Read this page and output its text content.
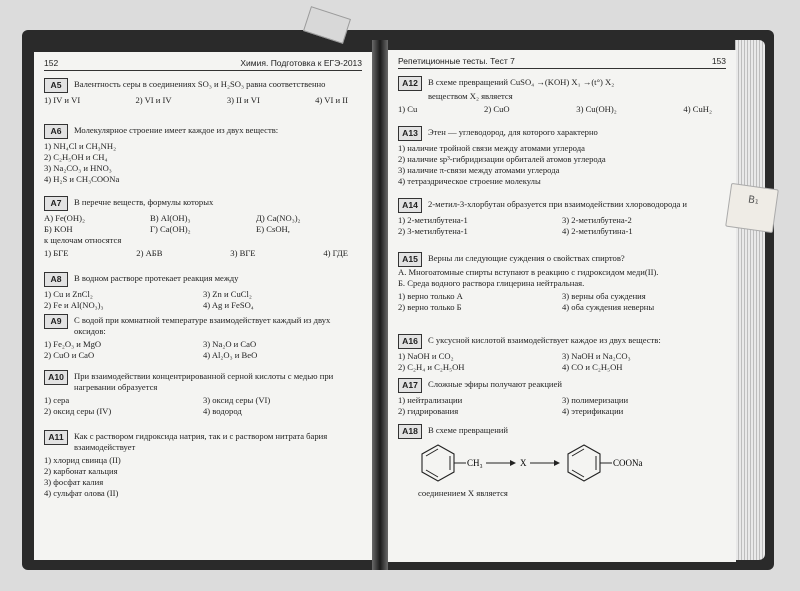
152	Химия. Подготовка к ЕГЭ-2013
A5	Валентность серы в соединениях SO₃ и H₂SO₃ равна соответственно
1) IV и VI	2) VI и IV	3) II и VI	4) VI и II
A6	Молекулярное строение имеет каждое из двух веществ:
1) NH₄Cl и CH₃NH₂
2) C₂H₅OH и CH₄
3) Na₂CO₃ и HNO₃
4) H₂S и CH₃COONa
A7	В перечне веществ, формулы которых
А) Fe(OH)₂	В) Al(OH)₃	Д) Ca(NO₃)₂
Б) KOH	Г) Ca(OH)₂	Е) CsOH,
к щелочам относятся
1) БГЕ	2) АБВ	3) ВГЕ	4) ГДЕ
A8	В водном растворе протекает реакция между
1) Cu и ZnCl₂	3) Zn и CuCl₂
2) Fe и Al(NO₃)₃	4) Ag и FeSO₄
A9	С водой при комнатной температуре взаимодействует каждый из двух оксидов:
1) Fe₂O₃ и MgO	3) Na₂O и CaO
2) CuO и CaO	4) Al₂O₃ и BeO
A10	При взаимодействии концентрированной серной кислоты с медью при нагревании образуется
1) сера	3) оксид серы (VI)
2) оксид серы (IV)	4) водород
A11	Как с раствором гидроксида натрия, так и с раствором нитрата бария взаимодействует
1) хлорид свинца (II)
2) карбонат кальция
3) фосфат калия
4) сульфат олова (II)
Репетиционные тесты. Тест 7	153
A12	В схеме превращений CuSO₄ →(KOH) X₁ →(t°) X₂
веществом X₂ является
1) Cu	2) CuO	3) Cu(OH)₂	4) CuH₂
A13	Этен — углеводород, для которого характерно
1) наличие тройной связи между атомами углерода
2) наличие sp³-гибридизации орбиталей атомов углерода
3) наличие π-связи между атомами углерода
4) тетраэдрическое строение молекулы
A14	2-метил-3-хлорбутан образуется при взаимодействии хлороводорода и
1) 2-метилбутена-1	3) 2-метилбутена-2
2) 3-метилбутена-1	4) 2-метилбутина-1
A15	Верны ли следующие суждения о свойствах спиртов?
А. Многоатомные спирты вступают в реакцию с гидроксидом меди(II).
Б. Среда водного раствора глицерина нейтральная.
1) верно только А	3) верны оба суждения
2) верно только Б	4) оба суждения неверны
A16	С уксусной кислотой взаимодействует каждое из двух веществ:
1) NaOH и CO₂	3) NaOH и Na₂CO₃
2) C₂H₄ и C₂H₅OH	4) CO и C₂H₅OH
A17	Сложные эфиры получают реакцией
1) нейтрализации	3) полимеризации
2) гидрирования	4) этерификации
A18	В схеме превращений
CH₃	X	COONa
соединением X является
B₁
